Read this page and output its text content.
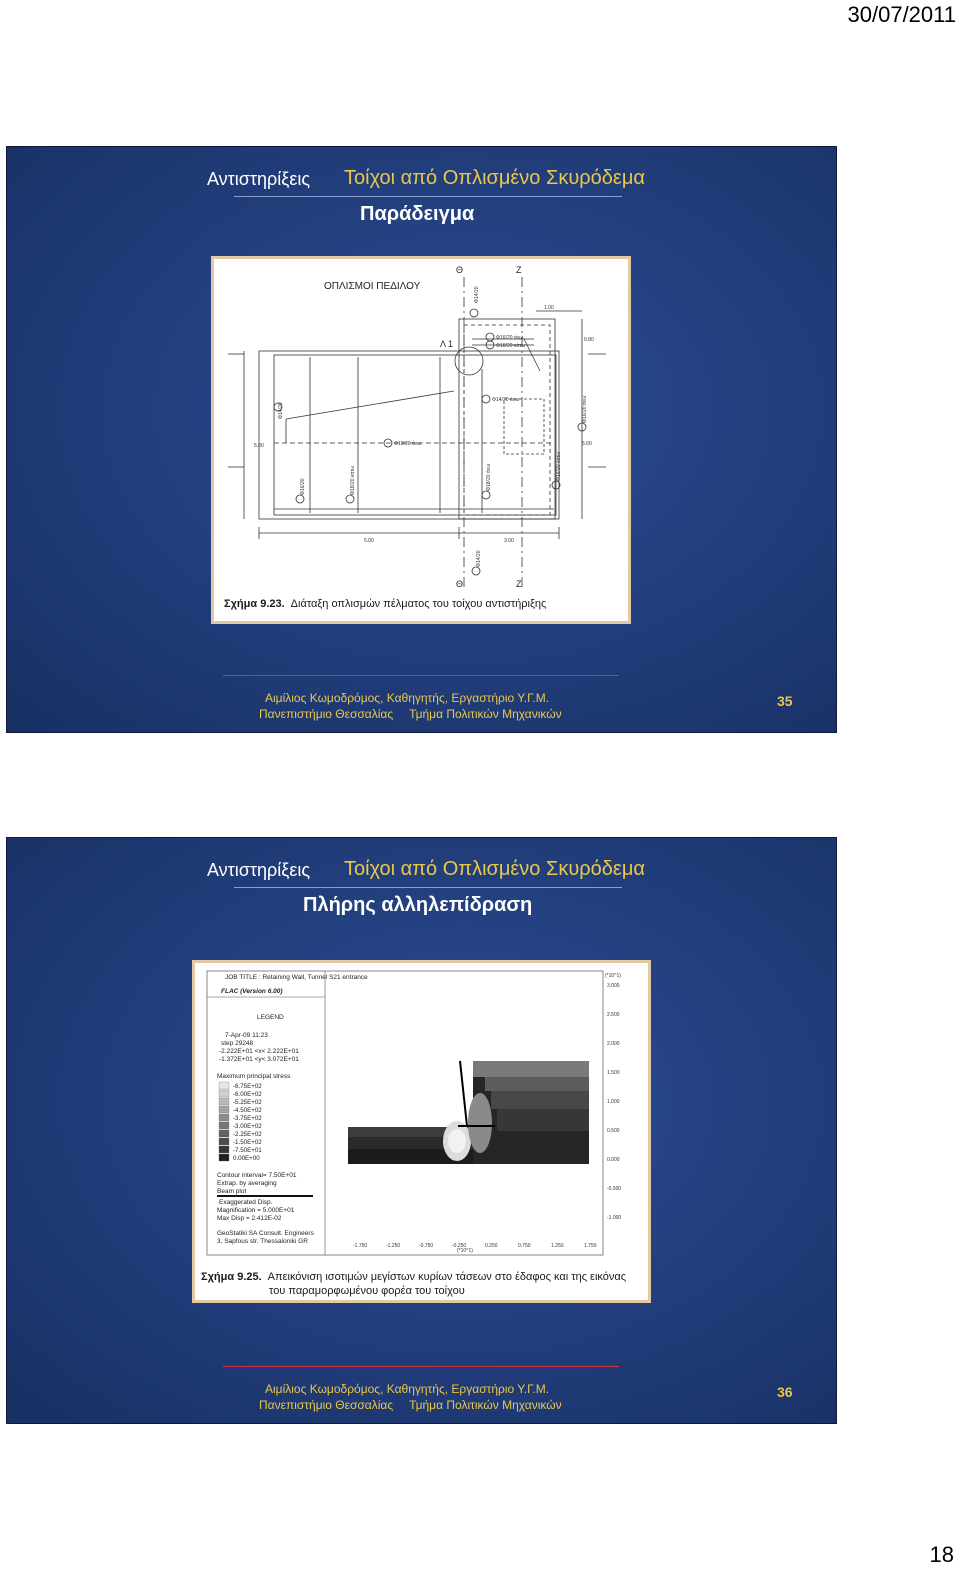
30/07/2011
Αντιστηρίξεις Τοίχοι από Οπλισμένο Σκυρόδεμα
Παράδειγμα
ΟΠΛΙΣΜΟΙ ΠΕΔΙΛΟΥ
Θ	Ζ
Θ	Ζ
Λ 1
1.00
0.80
5.00	5.00
5.00	3.00
Φ16/20 άνω
Φ18/20 κάτω
Φ14/20
Φ16/20
Φ18/20 άνω
Φ18/20 κάτω
Φ14/20 άνω
Φ18/20 άνω
Φ14/20
Φ16/20 άνω
Φ16/20 κάτω
Φ14/20
Σχήμα 9.23. Διάταξη οπλισμών πέλματος του τοίχου αντιστήριξης
Αιμίλιος Κωμοδρόμος, Καθηγητής, Εργαστήριο Υ.Γ.Μ.
Πανεπιστήμιο Θεσσαλίας Τμήμα Πολιτικών Μηχανικών
35
Αντιστηρίξεις Τοίχοι από Οπλισμένο Σκυρόδεμα
Πλήρης αλληλεπίδραση
JOB TITLE : Retaining Wall, Tunnel S21 entrance
FLAC (Version 6.00)
LEGEND
7-Apr-09 11:23
step 29248
-2.222E+01 <x< 2.222E+01
-1.372E+01 <y< 3.072E+01
Maximum principal stress
-6.75E+02
-6.00E+02
-5.25E+02
-4.50E+02
-3.75E+02
-3.00E+02
-2.25E+02
-1.50E+02
-7.50E+01
0.00E+00
Contour interval= 7.50E+01
Extrap. by averaging
Beam plot
Exaggerated Disp.
Magnification = 5.000E+01
Max Disp = 2.412E-02
GeoStatiki SA Consult. Engineers
3, Sapfous str. Thessaloniki GR
3.000
2.500
2.000
1.500
1.000
0.500
0.000
-0.500
-1.000
-1.750	-1.250	-0.750	-0.250	0.250	0.750	1.250	1.750
(*10^1)
(*10^1)
Σχήμα 9.25. Απεικόνιση ισοτιμών μεγίστων κυρίων τάσεων στο έδαφος και της εικόνας
του παραμορφωμένου φορέα του τοίχου
Αιμίλιος Κωμοδρόμος, Καθηγητής, Εργαστήριο Υ.Γ.Μ.
Πανεπιστήμιο Θεσσαλίας Τμήμα Πολιτικών Μηχανικών
36
18
